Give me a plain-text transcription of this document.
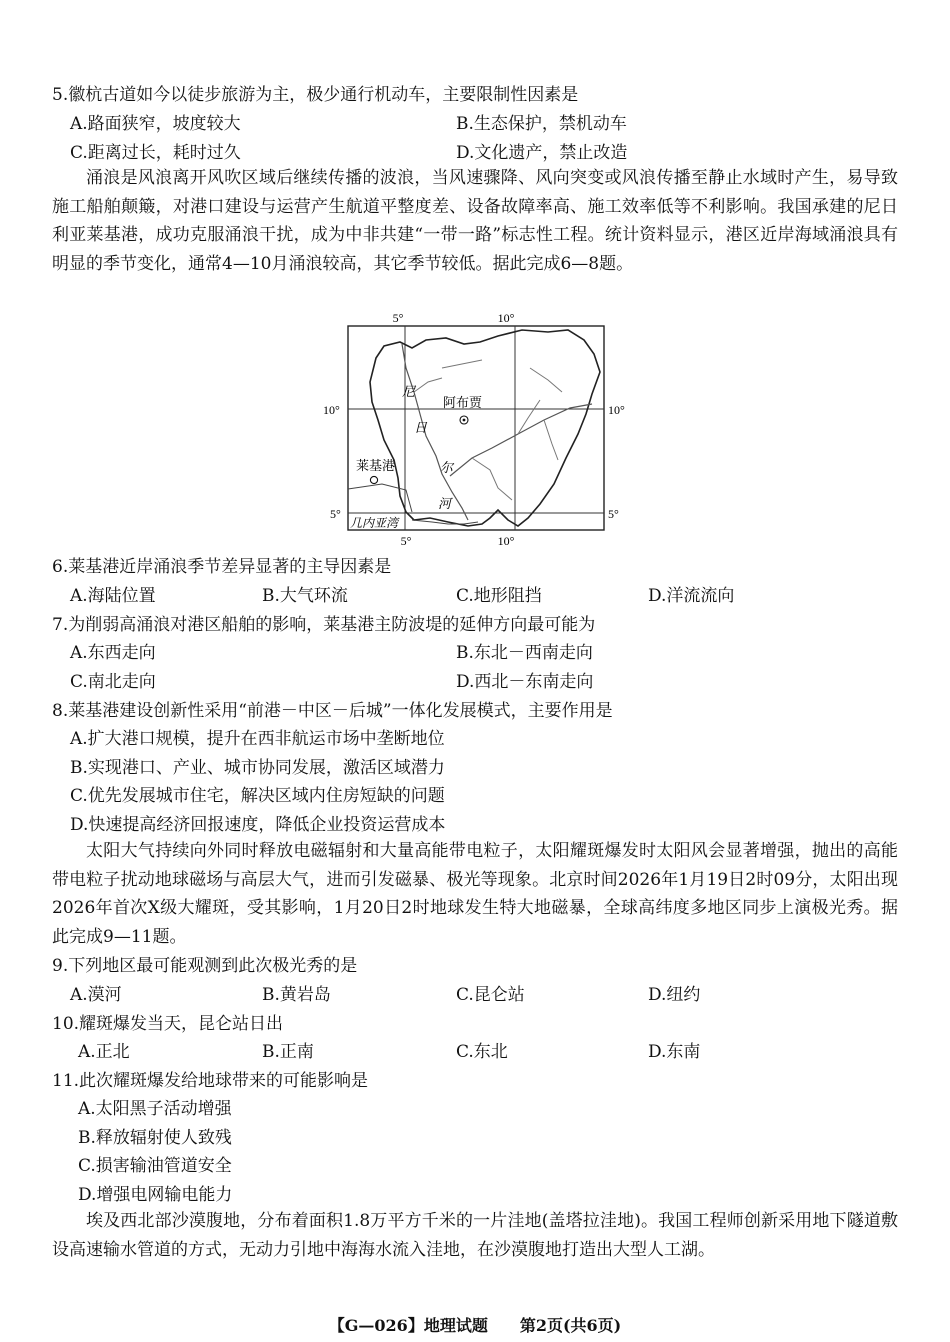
5.徽杭古道如今以徒步旅游为主，极少通行机动车，主要限制性因素是
A.路面狭窄，坡度较大	B.生态保护，禁机动车
C.距离过长，耗时过久	D.文化遗产，禁止改造

涌浪是风浪离开风吹区域后继续传播的波浪，当风速骤降、风向突变或风浪传播至静止水域时产生，易导致施工船舶颠簸，对港口建设与运营产生航道平整度差、设备故障率高、施工效率低等不利影响。我国承建的尼日利亚莱基港，成功克服涌浪干扰，成为中非共建“一带一路”标志性工程。统计资料显示，港区近岸海域涌浪具有明显的季节变化，通常4—10月涌浪较高，其它季节较低。据此完成6—8题。

5°	10°
5°	10°
10°	10°
5°	5°
阿布贾
莱基港
尼
日
尔
河
几内亚湾
6.莱基港近岸涌浪季节差异显著的主导因素是
A.海陆位置	B.大气环流	C.地形阻挡	D.洋流流向
7.为削弱高涌浪对港区船舶的影响，莱基港主防波堤的延伸方向最可能为
A.东西走向	B.东北－西南走向
C.南北走向	D.西北－东南走向
8.莱基港建设创新性采用“前港－中区－后城”一体化发展模式，主要作用是
A.扩大港口规模，提升在西非航运市场中垄断地位
B.实现港口、产业、城市协同发展，激活区域潜力
C.优先发展城市住宅，解决区域内住房短缺的问题
D.快速提高经济回报速度，降低企业投资运营成本

太阳大气持续向外同时释放电磁辐射和大量高能带电粒子，太阳耀斑爆发时太阳风会显著增强，抛出的高能带电粒子扰动地球磁场与高层大气，进而引发磁暴、极光等现象。北京时间2026年1月19日2时09分，太阳出现2026年首次X级大耀斑，受其影响，1月20日2时地球发生特大地磁暴，全球高纬度多地区同步上演极光秀。据此完成9—11题。

9.下列地区最可能观测到此次极光秀的是
A.漠河	B.黄岩岛	C.昆仑站	D.纽约
10.耀斑爆发当天，昆仑站日出
A.正北	B.正南	C.东北	D.东南
11.此次耀斑爆发给地球带来的可能影响是
A.太阳黑子活动增强
B.释放辐射使人致残
C.损害输油管道安全
D.增强电网输电能力

埃及西北部沙漠腹地，分布着面积1.8万平方千米的一片洼地(盖塔拉洼地)。我国工程师创新采用地下隧道敷设高速输水管道的方式，无动力引地中海海水流入洼地，在沙漠腹地打造出大型人工湖。

【G—026】地理试题　　第2页(共6页)
